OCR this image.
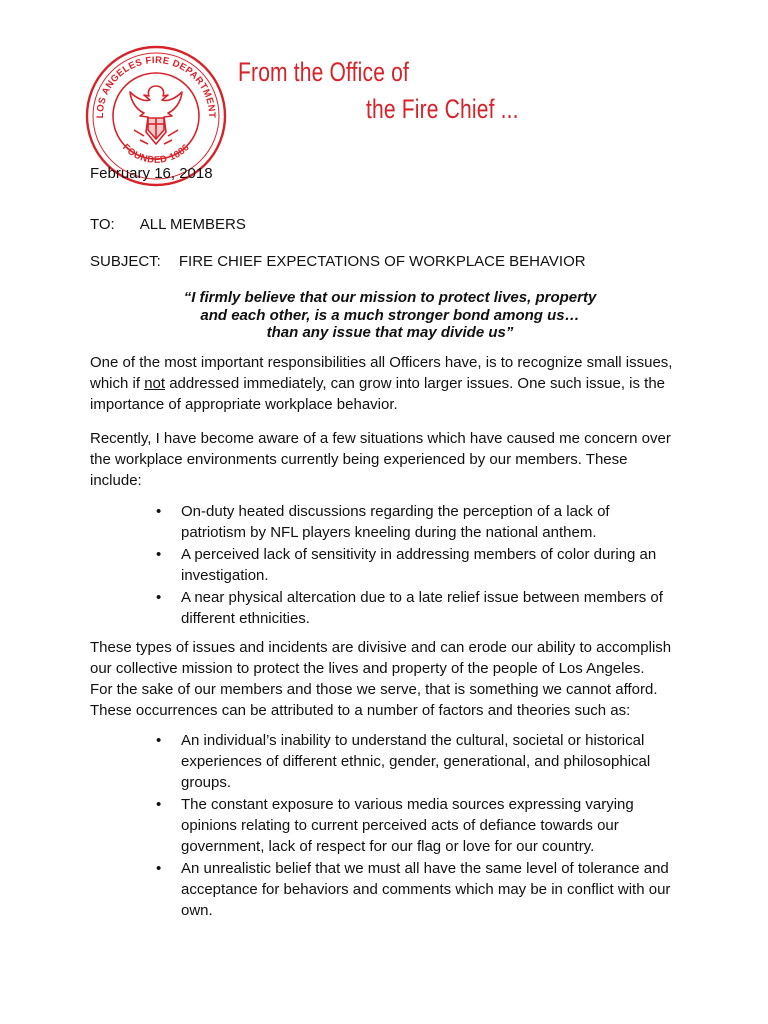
LOS ANGELES FIRE DEPARTMENT
FOUNDED 1886
From the Office of
the Fire Chief ...

February 16, 2018

TO: ALL MEMBERS

SUBJECT: FIRE CHIEF EXPECTATIONS OF WORKPLACE BEHAVIOR

“I firmly believe that our mission to protect lives, property
and each other, is a much stronger bond among us…
than any issue that may divide us”

One of the most important responsibilities all Officers have, is to recognize small issues,
which if not addressed immediately, can grow into larger issues. One such issue, is the
importance of appropriate workplace behavior.

Recently, I have become aware of a few situations which have caused me concern over
the workplace environments currently being experienced by our members. These
include:

• On-duty heated discussions regarding the perception of a lack of
patriotism by NFL players kneeling during the national anthem.
• A perceived lack of sensitivity in addressing members of color during an
investigation.
• A near physical altercation due to a late relief issue between members of
different ethnicities.

These types of issues and incidents are divisive and can erode our ability to accomplish
our collective mission to protect the lives and property of the people of Los Angeles.
For the sake of our members and those we serve, that is something we cannot afford.
These occurrences can be attributed to a number of factors and theories such as:

• An individual’s inability to understand the cultural, societal or historical
experiences of different ethnic, gender, generational, and philosophical
groups.
• The constant exposure to various media sources expressing varying
opinions relating to current perceived acts of defiance towards our
government, lack of respect for our flag or love for our country.
• An unrealistic belief that we must all have the same level of tolerance and
acceptance for behaviors and comments which may be in conflict with our
own.
